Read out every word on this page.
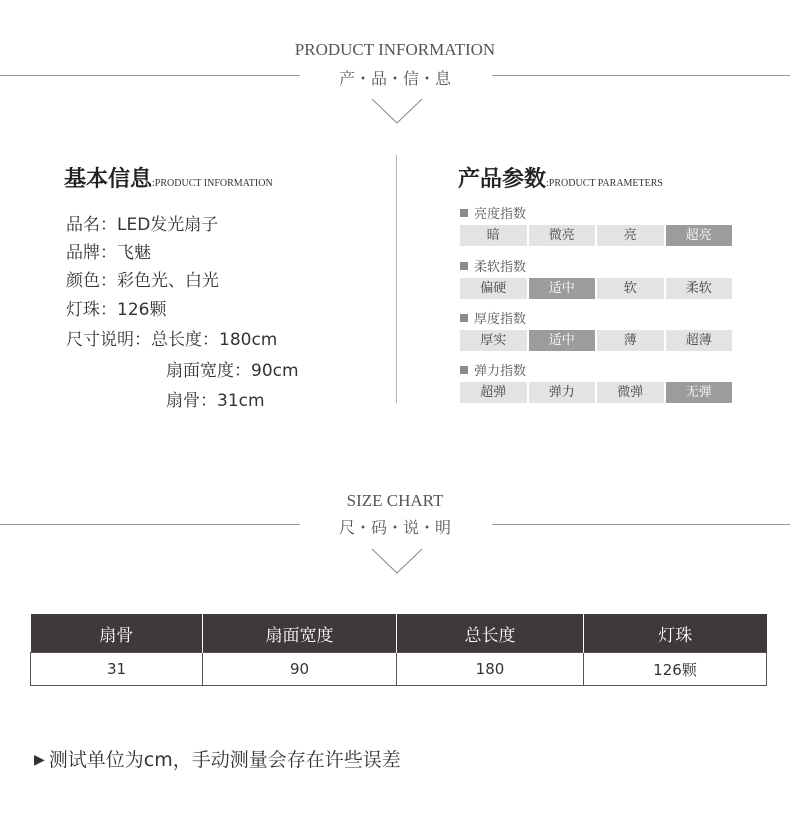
PRODUCT INFORMATION
产・品・信・息
基本信息:PRODUCT INFORMATION
品名：LED发光扇子
品牌：飞魅
颜色：彩色光、白光
灯珠：126颗
尺寸说明：总长度：180cm
扇面宽度：90cm
扇骨：31cm
产品参数:PRODUCT PARAMETERS
亮度指数
暗	微亮	亮	超亮
柔软指数
偏硬	适中	软	柔软
厚度指数
厚实	适中	薄	超薄
弹力指数
超弹	弹力	微弹	无弹
SIZE CHART
尺・码・说・明
扇骨	扇面宽度	总长度	灯珠
31	90	180	126颗
▶ 测试单位为cm，手动测量会存在许些误差
